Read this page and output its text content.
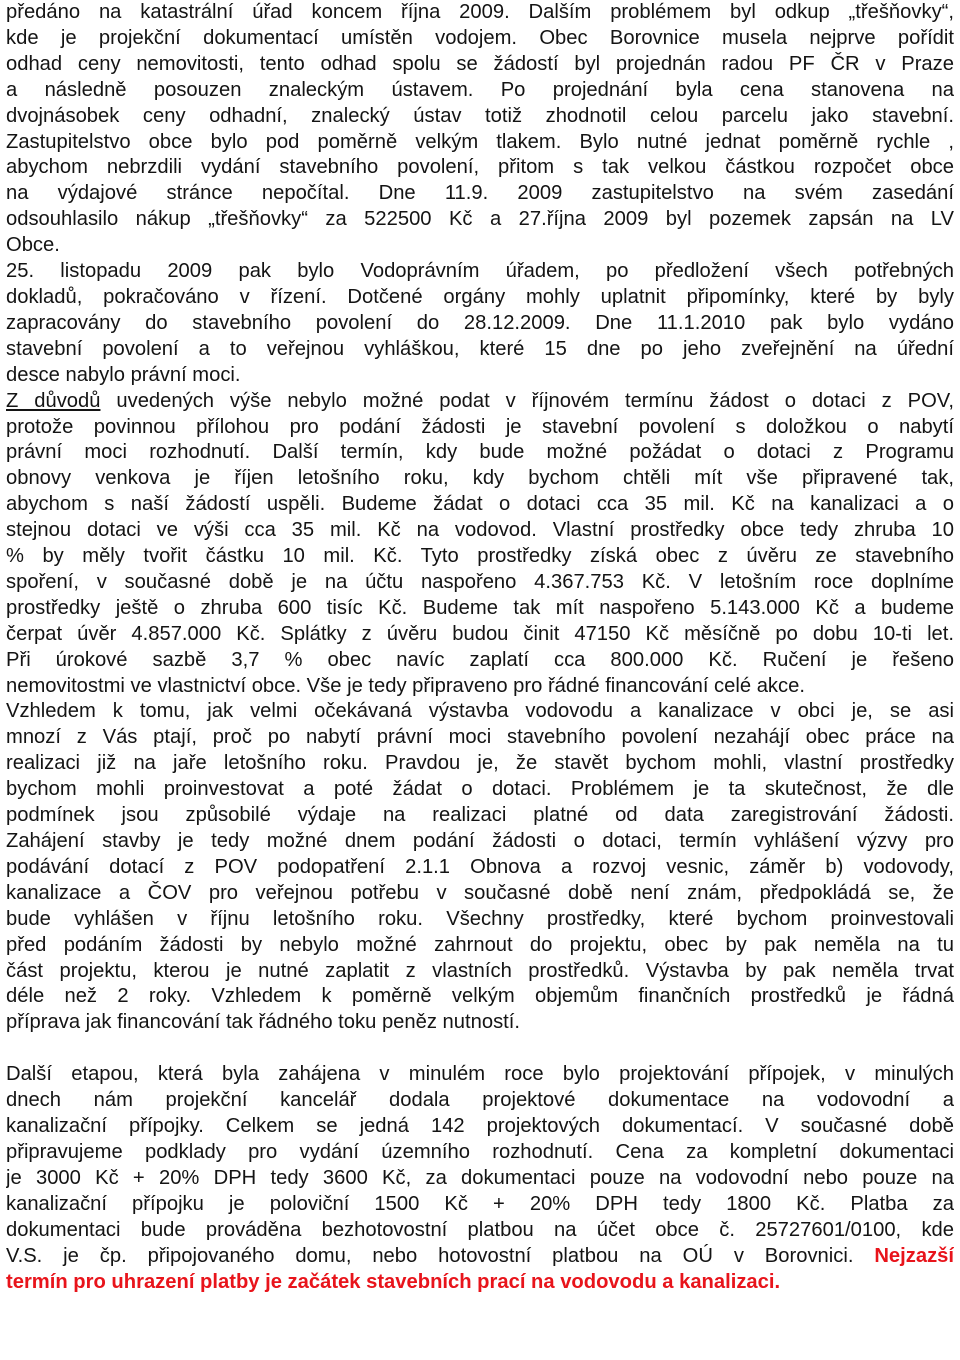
předáno na katastrální úřad koncem října 2009. Dalším problémem byl odkup „třešňovky“,
kde je projekční dokumentací umístěn vodojem. Obec Borovnice musela nejprve pořídit
odhad ceny nemovitosti, tento odhad spolu se žádostí byl projednán radou PF ČR v Praze
a následně posouzen znaleckým ústavem. Po projednání byla cena stanovena na
dvojnásobek ceny odhadní, znalecký ústav totiž zhodnotil celou parcelu jako stavební.
Zastupitelstvo obce bylo pod poměrně velkým tlakem. Bylo nutné jednat poměrně rychle ,
abychom nebrzdili vydání stavebního povolení, přitom s tak velkou částkou rozpočet obce
na výdajové stránce nepočítal. Dne 11.9. 2009 zastupitelstvo na svém zasedání
odsouhlasilo nákup „třešňovky“ za 522500 Kč a 27.října 2009 byl pozemek zapsán na LV
Obce.

25. listopadu 2009 pak bylo Vodoprávním úřadem, po předložení všech potřebných
dokladů, pokračováno v řízení. Dotčené orgány mohly uplatnit připomínky, které by byly
zapracovány do stavebního povolení do 28.12.2009. Dne 11.1.2010 pak bylo vydáno
stavební povolení a to veřejnou vyhláškou, které 15 dne po jeho zveřejnění na úřední
desce nabylo právní moci.

Z důvodů uvedených výše nebylo možné podat v říjnovém termínu žádost o dotaci z POV,
protože povinnou přílohou pro podání žádosti je stavební povolení s doložkou o nabytí
právní moci rozhodnutí. Další termín, kdy bude možné požádat o dotaci z Programu
obnovy venkova je říjen letošního roku, kdy bychom chtěli mít vše připravené tak,
abychom s naší žádostí uspěli. Budeme žádat o dotaci cca 35 mil. Kč na kanalizaci a o
stejnou dotaci ve výši cca 35 mil. Kč na vodovod. Vlastní prostředky obce tedy zhruba 10
% by měly tvořit částku 10 mil. Kč. Tyto prostředky získá obec z úvěru ze stavebního
spoření, v současné době je na účtu naspořeno 4.367.753 Kč. V letošním roce doplníme
prostředky ještě o zhruba 600 tisíc Kč. Budeme tak mít naspořeno 5.143.000 Kč a budeme
čerpat úvěr 4.857.000 Kč. Splátky z úvěru budou činit 47150 Kč měsíčně po dobu 10-ti let.
Při úrokové sazbě 3,7 % obec navíc zaplatí cca 800.000 Kč. Ručení je řešeno
nemovitostmi ve vlastnictví obce. Vše je tedy připraveno pro řádné financování celé akce.

Vzhledem k tomu, jak velmi očekávaná výstavba vodovodu a kanalizace v obci je, se asi
mnozí z Vás ptají, proč po nabytí právní moci stavebního povolení nezahájí obec práce na
realizaci již na jaře letošního roku. Pravdou je, že stavět bychom mohli, vlastní prostředky
bychom mohli proinvestovat a poté žádat o dotaci. Problémem je ta skutečnost, že dle
podmínek jsou způsobilé výdaje na realizaci platné od data zaregistrování žádosti.
Zahájení stavby je tedy možné dnem podání žádosti o dotaci, termín vyhlášení výzvy pro
podávání dotací z POV podopatření 2.1.1 Obnova a rozvoj vesnic, záměr b) vodovody,
kanalizace a ČOV pro veřejnou potřebu v současné době není znám, předpokládá se, že
bude vyhlášen v říjnu letošního roku. Všechny prostředky, které bychom proinvestovali
před podáním žádosti by nebylo možné zahrnout do projektu, obec by pak neměla na tu
část projektu, kterou je nutné zaplatit z vlastních prostředků. Výstavba by pak neměla trvat
déle než 2 roky. Vzhledem k poměrně velkým objemům finančních prostředků je řádná
příprava jak financování tak řádného toku peněz nutností.

Další etapou, která byla zahájena v minulém roce bylo projektování přípojek, v minulých
dnech nám projekční kancelář dodala projektové dokumentace na vodovodní a
kanalizační přípojky. Celkem se jedná 142 projektových dokumentací. V současné době
připravujeme podklady pro vydání územního rozhodnutí. Cena za kompletní dokumentaci
je 3000 Kč + 20% DPH tedy 3600 Kč, za dokumentaci pouze na vodovodní nebo pouze na
kanalizační přípojku je poloviční 1500 Kč + 20% DPH tedy 1800 Kč. Platba za
dokumentaci bude prováděna bezhotovostní platbou na účet obce č. 25727601/0100, kde
V.S. je čp. připojovaného domu, nebo hotovostní platbou na OÚ v Borovnici. Nejzazší
termín pro uhrazení platby je začátek stavebních prací na vodovodu a kanalizaci.
